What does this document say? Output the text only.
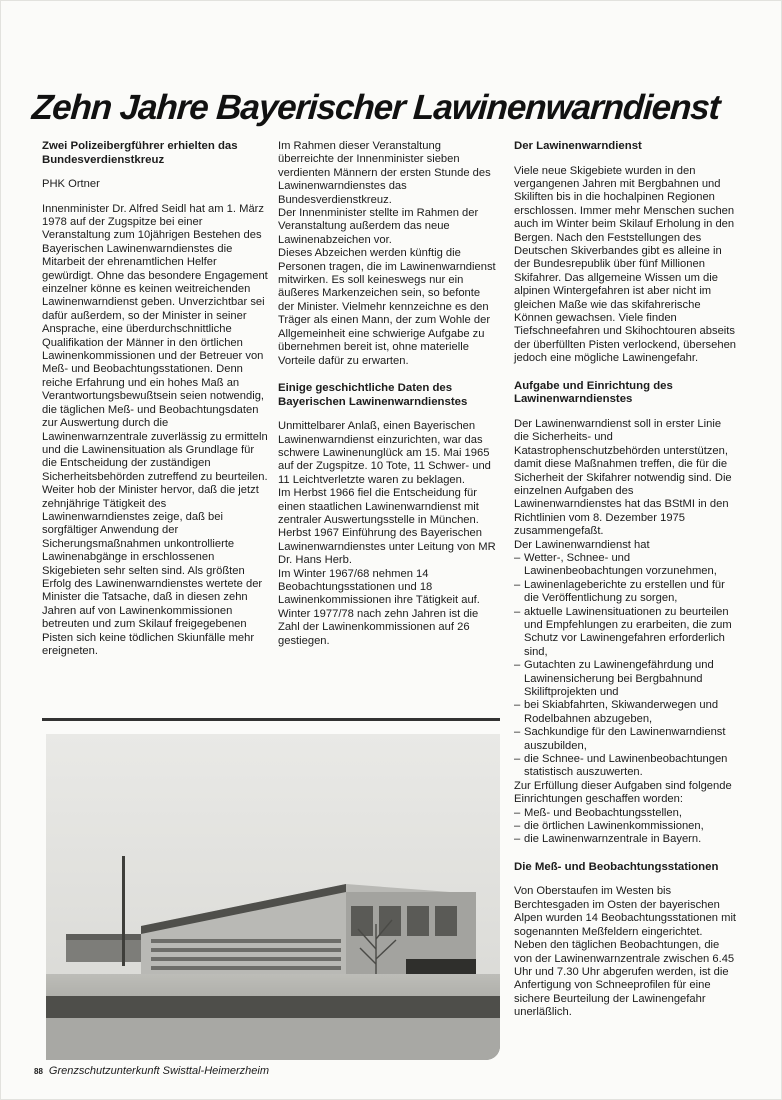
Zehn Jahre Bayerischer Lawinenwarndienst

Zwei Polizeibergführer erhielten das Bundesverdienstkreuz

PHK Ortner

Innenminister Dr. Alfred Seidl hat am 1. März 1978 auf der Zugspitze bei einer Veranstaltung zum 10jährigen Bestehen des Bayerischen Lawinenwarndienstes die Mitarbeit der ehrenamtlichen Helfer gewürdigt. Ohne das besondere Engagement einzelner könne es keinen weitreichenden Lawinenwarndienst geben. Unverzichtbar sei dafür außerdem, so der Minister in seiner Ansprache, eine überdurchschnittliche Qualifikation der Männer in den örtlichen Lawinenkommissionen und der Betreuer von Meß- und Beobachtungsstationen. Denn reiche Erfahrung und ein hohes Maß an Verantwortungsbewußtsein seien notwendig, die täglichen Meß- und Beobachtungsdaten zur Auswertung durch die Lawinenwarnzentrale zuverlässig zu ermitteln und die Lawinensituation als Grundlage für die Entscheidung der zuständigen Sicherheitsbehörden zutreffend zu beurteilen.

Weiter hob der Minister hervor, daß die jetzt zehnjährige Tätigkeit des Lawinenwarndienstes zeige, daß bei sorgfältiger Anwendung der Sicherungsmaßnahmen unkontrollierte Lawinenabgänge in erschlossenen Skigebieten sehr selten sind. Als größten Erfolg des Lawinenwarndienstes wertete der Minister die Tatsache, daß in diesen zehn Jahren auf von Lawinenkommissionen betreuten und zum Skilauf freigegebenen Pisten sich keine tödlichen Skiunfälle mehr ereigneten.

Im Rahmen dieser Veranstaltung überreichte der Innenminister sieben verdienten Männern der ersten Stunde des Lawinenwarndienstes das Bundesverdienstkreuz.

Der Innenminister stellte im Rahmen der Veranstaltung außerdem das neue Lawinenabzeichen vor.

Dieses Abzeichen werden künftig die Personen tragen, die im Lawinenwarndienst mitwirken. Es soll keineswegs nur ein äußeres Markenzeichen sein, so befonte der Minister. Vielmehr kennzeichne es den Träger als einen Mann, der zum Wohle der Allgemeinheit eine schwierige Aufgabe zu übernehmen bereit ist, ohne materielle Vorteile dafür zu erwarten.

Einige geschichtliche Daten des Bayerischen Lawinenwarndienstes

Unmittelbarer Anlaß, einen Bayerischen Lawinenwarndienst einzurichten, war das schwere Lawinenunglück am 15. Mai 1965 auf der Zugspitze. 10 Tote, 11 Schwer- und 11 Leichtverletzte waren zu beklagen.

Im Herbst 1966 fiel die Entscheidung für einen staatlichen Lawinenwarndienst mit zentraler Auswertungsstelle in München.

Herbst 1967 Einführung des Bayerischen Lawinenwarndienstes unter Leitung von MR Dr. Hans Herb.

Im Winter 1967/68 nehmen 14 Beobachtungsstationen und 18 Lawinenkommissionen ihre Tätigkeit auf.

Winter 1977/78 nach zehn Jahren ist die Zahl der Lawinenkommissionen auf 26 gestiegen.

Der Lawinenwarndienst

Viele neue Skigebiete wurden in den vergangenen Jahren mit Bergbahnen und Skiliften bis in die hochalpinen Regionen erschlossen. Immer mehr Menschen suchen auch im Winter beim Skilauf Erholung in den Bergen. Nach den Feststellungen des Deutschen Skiverbandes gibt es alleine in der Bundesrepublik über fünf Millionen Skifahrer. Das allgemeine Wissen um die alpinen Wintergefahren ist aber nicht im gleichen Maße wie das skifahrerische Können gewachsen. Viele finden Tiefschneefahren und Skihochtouren abseits der überfüllten Pisten verlockend, übersehen jedoch eine mögliche Lawinengefahr.

Aufgabe und Einrichtung des Lawinenwarndienstes

Der Lawinenwarndienst soll in erster Linie die Sicherheits- und Katastrophenschutzbehörden unterstützen, damit diese Maßnahmen treffen, die für die Sicherheit der Skifahrer notwendig sind. Die einzelnen Aufgaben des Lawinenwarndienstes hat das BStMI in den Richtlinien vom 8. Dezember 1975 zusammengefaßt.

Der Lawinenwarndienst hat

– Wetter-, Schnee- und Lawinenbeobachtungen vorzunehmen,
– Lawinenlageberichte zu erstellen und für die Veröffentlichung zu sorgen,
– aktuelle Lawinensituationen zu beurteilen und Empfehlungen zu erarbeiten, die zum Schutz vor Lawinengefahren erforderlich sind,
– Gutachten zu Lawinengefährdung und Lawinensicherung bei Bergbahnund Skiliftprojekten und
– bei Skiabfahrten, Skiwanderwegen und Rodelbahnen abzugeben,
– Sachkundige für den Lawinenwarndienst auszubilden,
– die Schnee- und Lawinenbeobachtungen statistisch auszuwerten.

Zur Erfüllung dieser Aufgaben sind folgende Einrichtungen geschaffen worden:

– Meß- und Beobachtungsstellen,
– die örtlichen Lawinenkommissionen,
– die Lawinenwarnzentrale in Bayern.

Die Meß- und Beobachtungsstationen

Von Oberstaufen im Westen bis Berchtesgaden im Osten der bayerischen Alpen wurden 14 Beobachtungsstationen mit sogenannten Meßfeldern eingerichtet. Neben den täglichen Beobachtungen, die von der Lawinenwarnzentrale zwischen 6.45 Uhr und 7.30 Uhr abgerufen werden, ist die Anfertigung von Schneeprofilen für eine sichere Beurteilung der Lawinengefahr unerläßlich.

88 Grenzschutzunterkunft Swisttal-Heimerzheim
